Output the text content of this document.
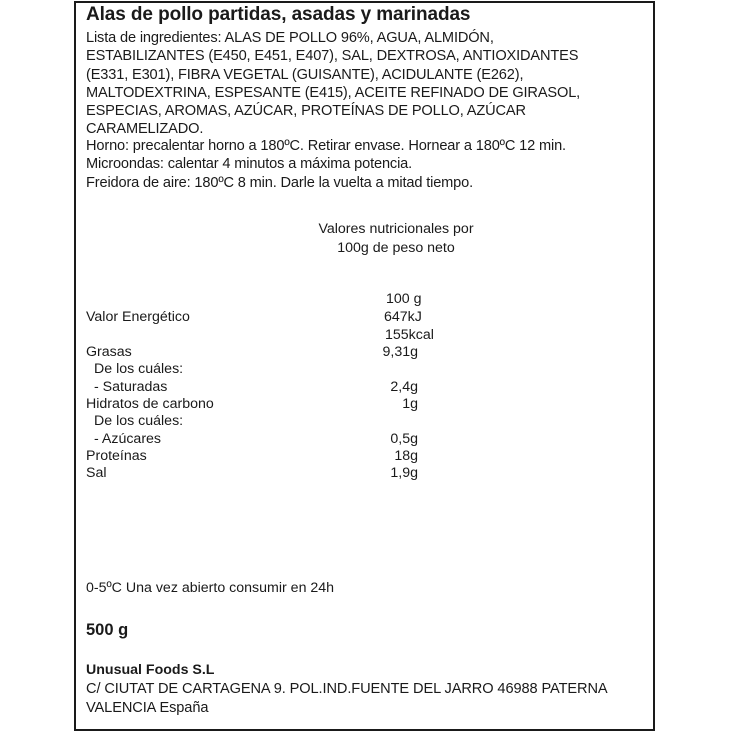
Alas de pollo partidas, asadas y marinadas
Lista de ingredientes: ALAS DE POLLO 96%, AGUA, ALMIDÓN,
ESTABILIZANTES (E450, E451, E407), SAL, DEXTROSA, ANTIOXIDANTES
(E331, E301), FIBRA VEGETAL (GUISANTE), ACIDULANTE (E262),
MALTODEXTRINA, ESPESANTE (E415), ACEITE REFINADO DE GIRASOL,
ESPECIAS, AROMAS, AZÚCAR, PROTEÍNAS DE POLLO, AZÚCAR
CARAMELIZADO.
Horno: precalentar horno a 180ºC. Retirar envase. Hornear a 180ºC 12 min.
Microondas: calentar 4 minutos a máxima potencia.
Freidora de aire: 180ºC 8 min. Darle la vuelta a mitad tiempo.
Valores nutricionales por
100g de peso neto
100 g
Valor Energético	647kJ
155kcal
Grasas	9,31g
De los cuáles:
- Saturadas	2,4g
Hidratos de carbono	1g
De los cuáles:
- Azúcares	0,5g
Proteínas	18g
Sal	1,9g
0-5ºC Una vez abierto consumir en 24h
500 g
Unusual Foods S.L
C/ CIUTAT DE CARTAGENA 9. POL.IND.FUENTE DEL JARRO 46988 PATERNA
VALENCIA España
